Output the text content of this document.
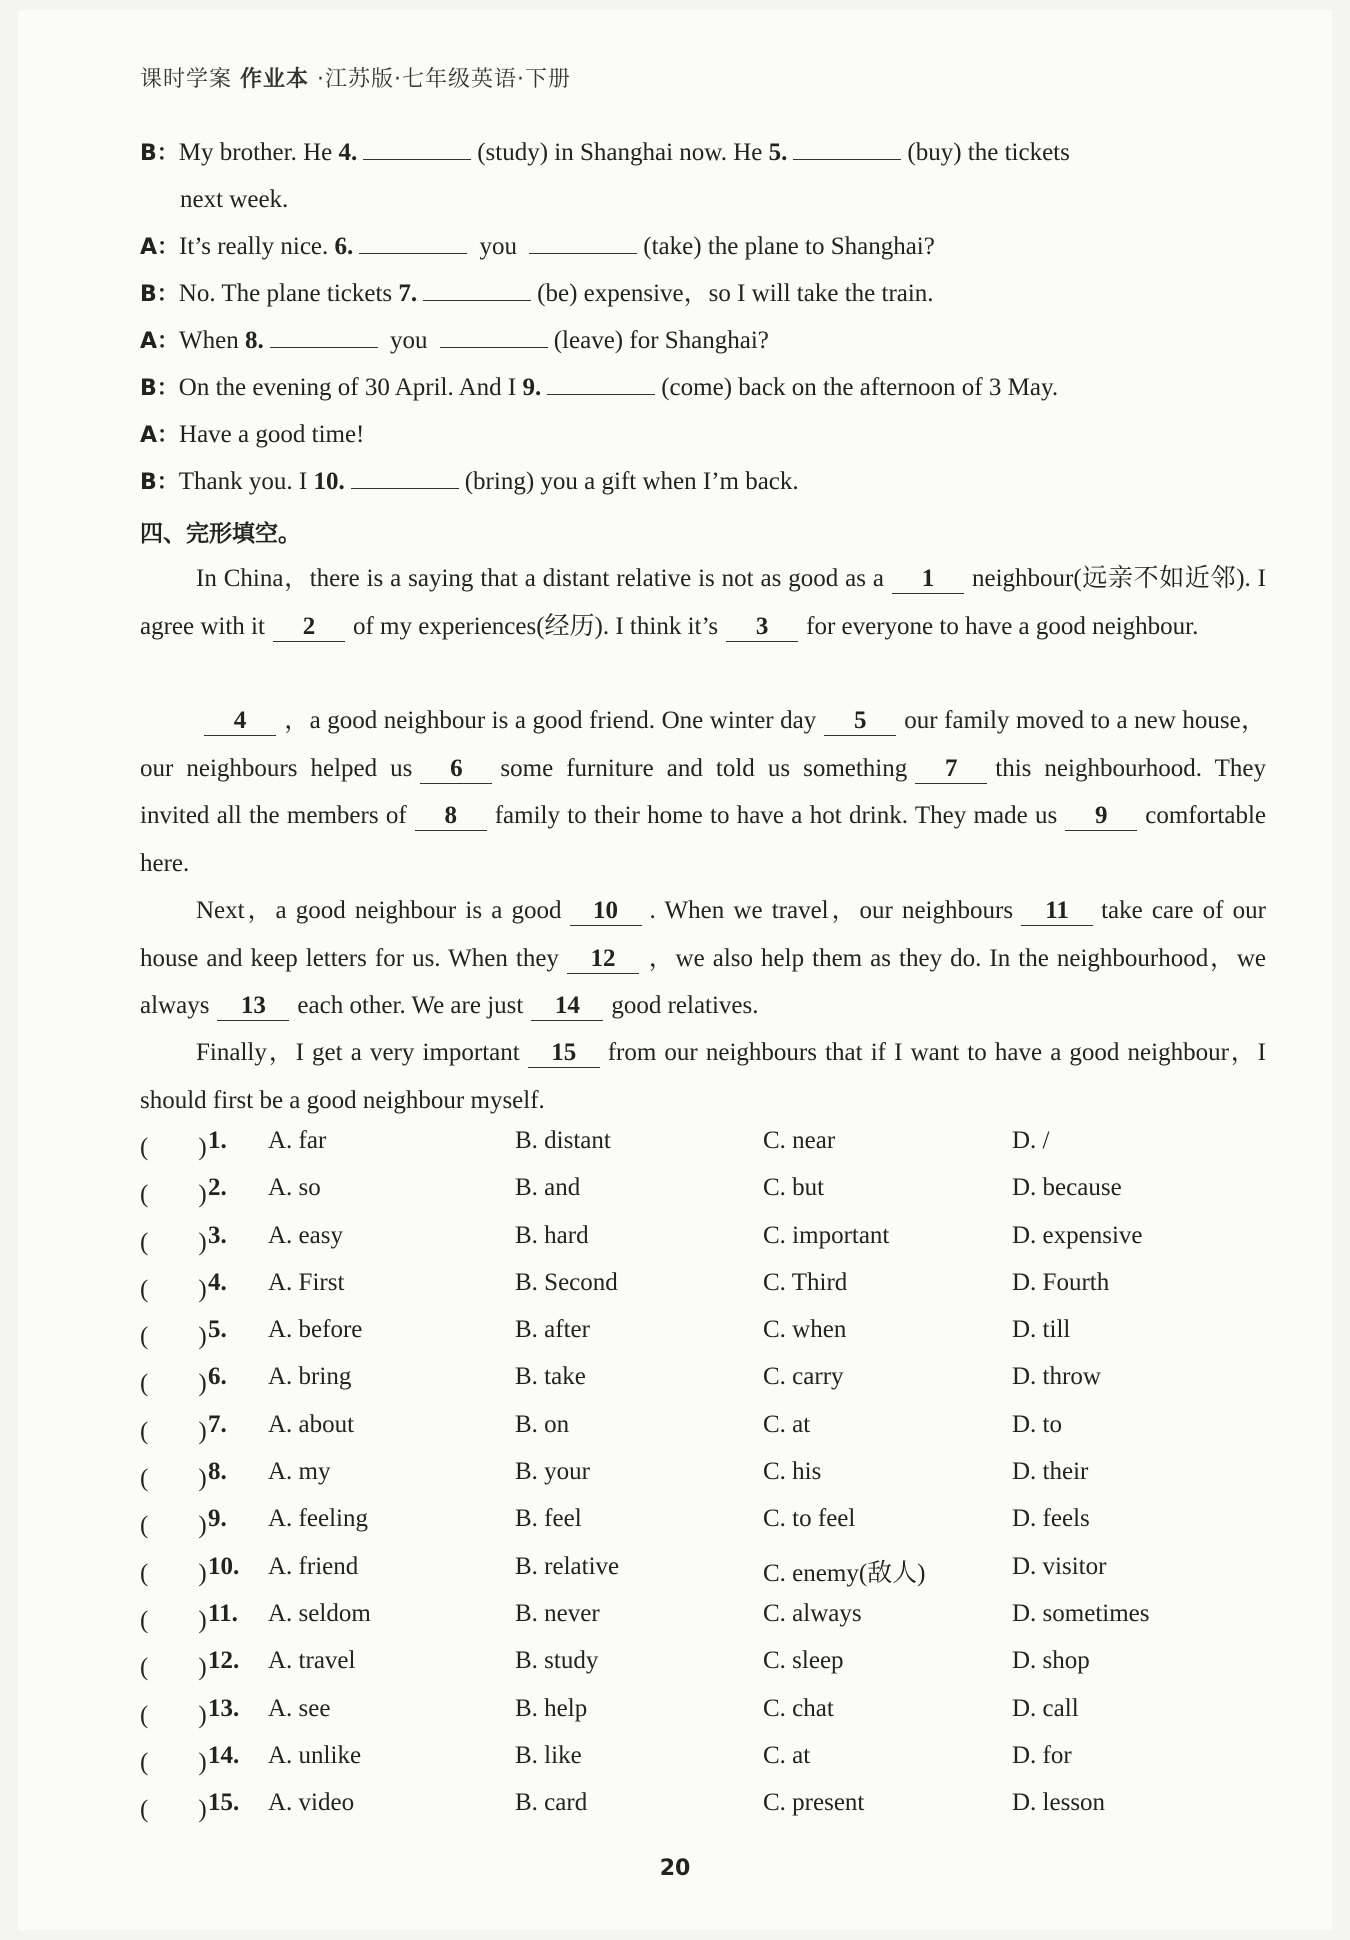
课时学案 作业本 ·江苏版·七年级英语·下册
B：My brother. He 4.	(study) in Shanghai now. He 5.	(buy) the tickets
next week.
A：It’s really nice. 6.	you	(take) the plane to Shanghai?
B：No. The plane tickets 7.	(be) expensive，so I will take the train.
A：When 8.	you	(leave) for Shanghai?
B：On the evening of 30 April. And I 9.	(come) back on the afternoon of 3 May.
A：Have a good time!
B：Thank you. I 10.	(bring) you a gift when I’m back.
四、完形填空。
In China，there is a saying that a distant relative is not as good as a 1 neighbour(远亲不如近邻). I agree with it 2 of my experiences(经历). I think it’s 3 for everyone to have a good neighbour.
4 ，a good neighbour is a good friend. One winter day 5 our family moved to a new house，our neighbours helped us 6 some furniture and told us something 7 this neighbourhood. They invited all the members of 8 family to their home to have a hot drink. They made us 9 comfortable here.
Next，a good neighbour is a good 10 . When we travel，our neighbours 11 take care of our house and keep letters for us. When they 12 ，we also help them as they do. In the neighbourhood，we always 13 each other. We are just 14 good relatives.
Finally，I get a very important 15 from our neighbours that if I want to have a good neighbour，I should first be a good neighbour myself.
(　　) 1. A. far	B. distant	C. near	D. /
(　　) 2. A. so	B. and	C. but	D. because
(　　) 3. A. easy	B. hard	C. important	D. expensive
(　　) 4. A. First	B. Second	C. Third	D. Fourth
(　　) 5. A. before	B. after	C. when	D. till
(　　) 6. A. bring	B. take	C. carry	D. throw
(　　) 7. A. about	B. on	C. at	D. to
(　　) 8. A. my	B. your	C. his	D. their
(　　) 9. A. feeling	B. feel	C. to feel	D. feels
(　　) 10. A. friend	B. relative	C. enemy(敌人)	D. visitor
(　　) 11. A. seldom	B. never	C. always	D. sometimes
(　　) 12. A. travel	B. study	C. sleep	D. shop
(　　) 13. A. see	B. help	C. chat	D. call
(　　) 14. A. unlike	B. like	C. at	D. for
(　　) 15. A. video	B. card	C. present	D. lesson
20
